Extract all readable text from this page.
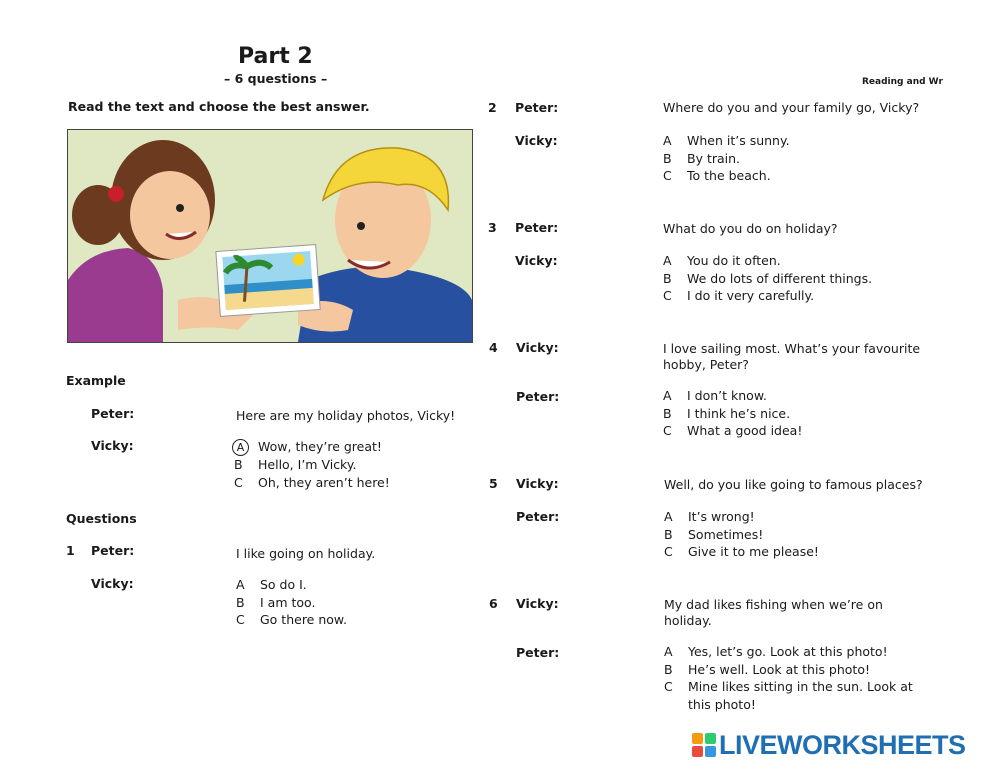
Part 2
– 6 questions –	Reading and Wr
Read the text and choose the best answer.
Example
Peter:	Here are my holiday photos, Vicky!
Vicky:	A Wow, they’re great!
B Hello, I’m Vicky.
C Oh, they aren’t here!
Questions
1 Peter:	I like going on holiday.
Vicky:	A So do I.
B I am too.
C Go there now.
2 Peter:	Where do you and your family go, Vicky?
Vicky:	A When it’s sunny.
B By train.
C To the beach.
3 Peter:	What do you do on holiday?
Vicky:	A You do it often.
B We do lots of different things.
C I do it very carefully.
4 Vicky:	I love sailing most. What’s your favourite
hobby, Peter?
Peter:	A I don’t know.
B I think he’s nice.
C What a good idea!
5 Vicky:	Well, do you like going to famous places?
Peter:	A It’s wrong!
B Sometimes!
C Give it to me please!
6 Vicky:	My dad likes fishing when we’re on
holiday.
Peter:	A Yes, let’s go. Look at this photo!
B He’s well. Look at this photo!
C Mine likes sitting in the sun. Look at
this photo!
LIVEWORKSHEETS
